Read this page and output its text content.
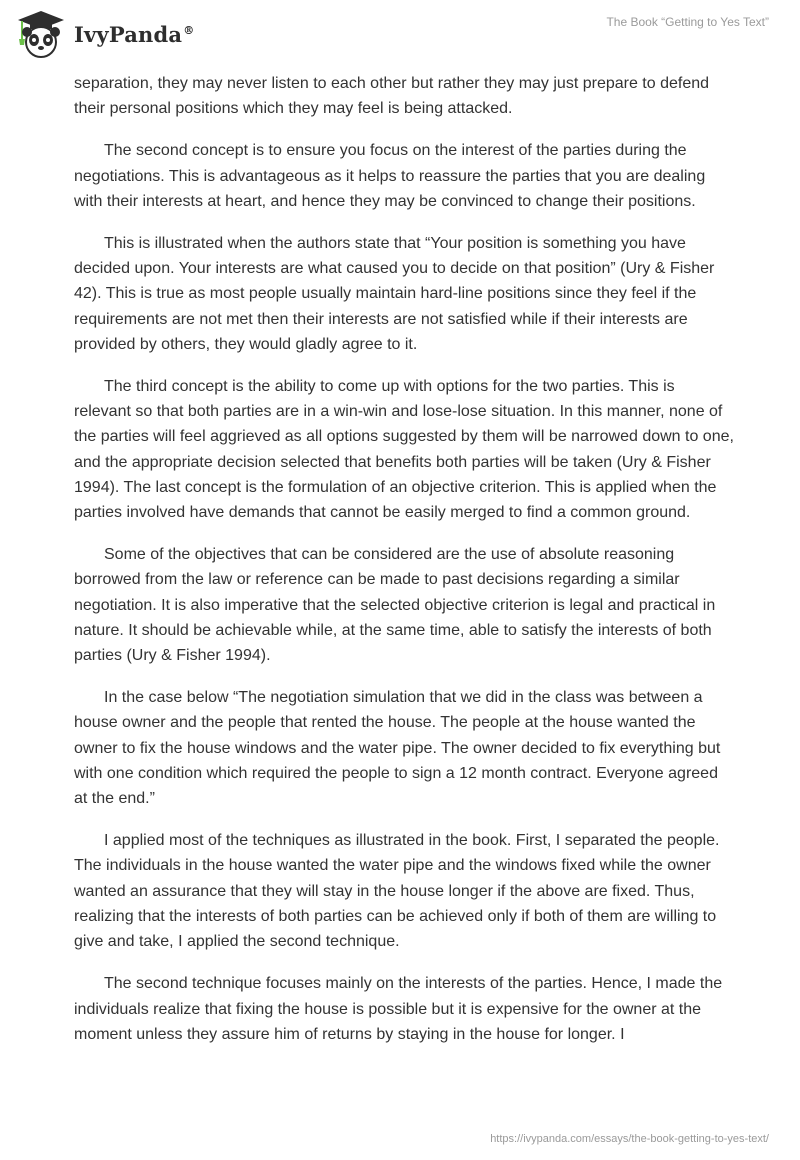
IvyPanda®
The Book “Getting to Yes Text”

separation, they may never listen to each other but rather they may just prepare to defend their personal positions which they may feel is being attacked.

The second concept is to ensure you focus on the interest of the parties during the negotiations. This is advantageous as it helps to reassure the parties that you are dealing with their interests at heart, and hence they may be convinced to change their positions.

This is illustrated when the authors state that “Your position is something you have decided upon. Your interests are what caused you to decide on that position” (Ury & Fisher 42). This is true as most people usually maintain hard-line positions since they feel if the requirements are not met then their interests are not satisfied while if their interests are provided by others, they would gladly agree to it.

The third concept is the ability to come up with options for the two parties. This is relevant so that both parties are in a win-win and lose-lose situation. In this manner, none of the parties will feel aggrieved as all options suggested by them will be narrowed down to one, and the appropriate decision selected that benefits both parties will be taken (Ury & Fisher 1994). The last concept is the formulation of an objective criterion. This is applied when the parties involved have demands that cannot be easily merged to find a common ground.

Some of the objectives that can be considered are the use of absolute reasoning borrowed from the law or reference can be made to past decisions regarding a similar negotiation. It is also imperative that the selected objective criterion is legal and practical in nature. It should be achievable while, at the same time, able to satisfy the interests of both parties (Ury & Fisher 1994).

In the case below “The negotiation simulation that we did in the class was between a house owner and the people that rented the house. The people at the house wanted the owner to fix the house windows and the water pipe. The owner decided to fix everything but with one condition which required the people to sign a 12 month contract. Everyone agreed at the end.”

I applied most of the techniques as illustrated in the book. First, I separated the people. The individuals in the house wanted the water pipe and the windows fixed while the owner wanted an assurance that they will stay in the house longer if the above are fixed. Thus, realizing that the interests of both parties can be achieved only if both of them are willing to give and take, I applied the second technique.

The second technique focuses mainly on the interests of the parties. Hence, I made the individuals realize that fixing the house is possible but it is expensive for the owner at the moment unless they assure him of returns by staying in the house for longer. I

https://ivypanda.com/essays/the-book-getting-to-yes-text/
